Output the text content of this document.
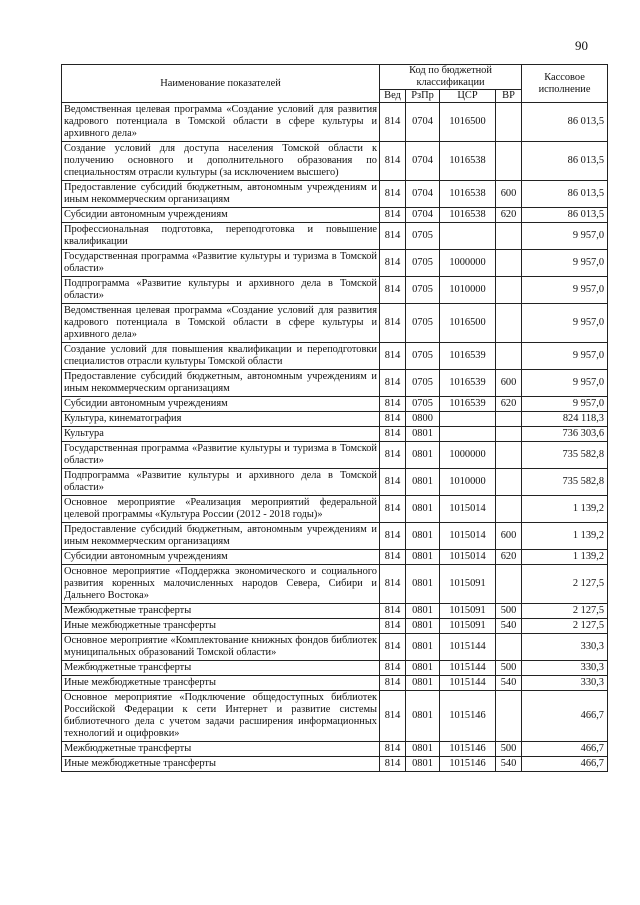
90
Наименование показателей	Код по бюджетной классификации				Кассовое исполнение
	Вед	РзПр	ЦСР	ВР	
Ведомственная целевая программа «Создание условий для развития кадрового потенциала в Томской области в сфере культуры и архивного дела»	814	0704	1016500		86 013,5
Создание условий для доступа населения Томской области к получению основного и дополнительного образования по специальностям отрасли культуры (за исключением высшего)	814	0704	1016538		86 013,5
Предоставление субсидий бюджетным, автономным учреждениям и иным некоммерческим организациям	814	0704	1016538	600	86 013,5
Субсидии автономным учреждениям	814	0704	1016538	620	86 013,5
Профессиональная подготовка, переподготовка и повышение квалификации	814	0705			9 957,0
Государственная программа «Развитие культуры и туризма в Томской области»	814	0705	1000000		9 957,0
Подпрограмма «Развитие культуры и архивного дела в Томской области»	814	0705	1010000		9 957,0
Ведомственная целевая программа «Создание условий для развития кадрового потенциала в Томской области в сфере культуры и архивного дела»	814	0705	1016500		9 957,0
Создание условий для повышения квалификации и переподготовки специалистов отрасли культуры Томской области	814	0705	1016539		9 957,0
Предоставление субсидий бюджетным, автономным учреждениям и иным некоммерческим организациям	814	0705	1016539	600	9 957,0
Субсидии автономным учреждениям	814	0705	1016539	620	9 957,0
Культура, кинематография	814	0800			824 118,3
Культура	814	0801			736 303,6
Государственная программа «Развитие культуры и туризма в Томской области»	814	0801	1000000		735 582,8
Подпрограмма «Развитие культуры и архивного дела в Томской области»	814	0801	1010000		735 582,8
Основное мероприятие «Реализация мероприятий федеральной целевой программы «Культура России (2012 - 2018 годы)»	814	0801	1015014		1 139,2
Предоставление субсидий бюджетным, автономным учреждениям и иным некоммерческим организациям	814	0801	1015014	600	1 139,2
Субсидии автономным учреждениям	814	0801	1015014	620	1 139,2
Основное мероприятие «Поддержка экономического и социального развития коренных малочисленных народов Севера, Сибири и Дальнего Востока»	814	0801	1015091		2 127,5
Межбюджетные трансферты	814	0801	1015091	500	2 127,5
Иные межбюджетные трансферты	814	0801	1015091	540	2 127,5
Основное мероприятие «Комплектование книжных фондов библиотек муниципальных образований Томской области»	814	0801	1015144		330,3
Межбюджетные трансферты	814	0801	1015144	500	330,3
Иные межбюджетные трансферты	814	0801	1015144	540	330,3
Основное мероприятие «Подключение общедоступных библиотек Российской Федерации к сети Интернет и развитие системы библиотечного дела с учетом задачи расширения информационных технологий и оцифровки»	814	0801	1015146		466,7
Межбюджетные трансферты	814	0801	1015146	500	466,7
Иные межбюджетные трансферты	814	0801	1015146	540	466,7
